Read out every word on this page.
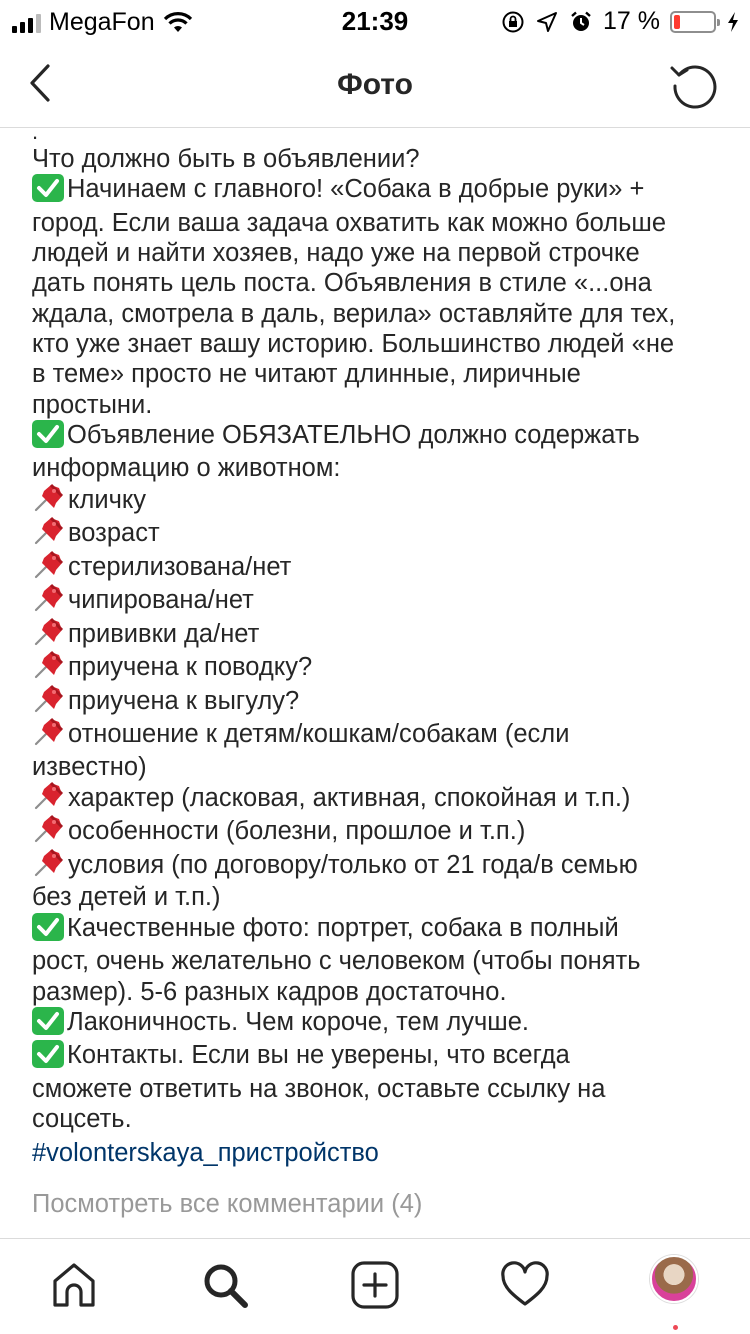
MegaFon	21:39	17 %
Фото
.
Что должно быть в объявлении?
Начинаем с главного! «Собака в добрые руки» +
город. Если ваша задача охватить как можно больше
людей и найти хозяев, надо уже на первой строчке
дать понять цель поста. Объявления в стиле «...она
ждала, смотрела в даль, верила» оставляйте для тех,
кто уже знает вашу историю. Большинство людей «не
в теме» просто не читают длинные, лиричные
простыни.
Объявление ОБЯЗАТЕЛЬНО должно содержать
информацию о животном:
кличку
возраст
стерилизована/нет
чипирована/нет
прививки да/нет
приучена к поводку?
приучена к выгулу?
отношение к детям/кошкам/собакам (если
известно)
характер (ласковая, активная, спокойная и т.п.)
особенности (болезни, прошлое и т.п.)
условия (по договору/только от 21 года/в семью
без детей и т.п.)
Качественные фото: портрет, собака в полный
рост, очень желательно с человеком (чтобы понять
размер). 5-6 разных кадров достаточно.
Лаконичность. Чем короче, тем лучше.
Контакты. Если вы не уверены, что всегда
сможете ответить на звонок, оставьте ссылку на
соцсеть.
#volonterskaya_пристройство
Посмотреть все комментарии (4)
